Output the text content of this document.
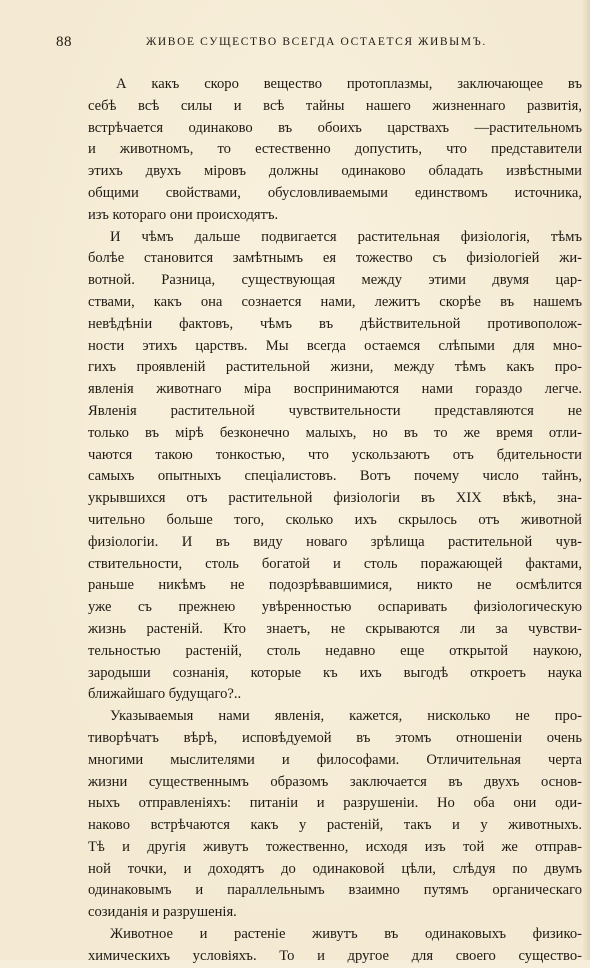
88	ЖИВОЕ СУЩЕСТВО ВСЕГДА ОСТАЕТСЯ ЖИВЫМЪ.
А какъ скоро вещество протоплазмы, заключающее въ
себѣ всѣ силы и всѣ тайны нашего жизненнаго развитія,
встрѣчается одинаково въ обоихъ царствахъ —растительномъ
и животномъ, то естественно допустить, что представители
этихъ двухъ міровъ должны одинаково обладать извѣстными
общими свойствами, обусловливаемыми единствомъ источника,
изъ котораго они происходятъ.
И чѣмъ дальше подвигается растительная физіологія, тѣмъ
болѣе становится замѣтнымъ ея тожество съ физіологіей жи-
вотной. Разница, существующая между этими двумя цар-
ствами, какъ она сознается нами, лежитъ скорѣе въ нашемъ
невѣдѣніи фактовъ, чѣмъ въ дѣйствительной противополож-
ности этихъ царствъ. Мы всегда остаемся слѣпыми для мно-
гихъ проявленій растительной жизни, между тѣмъ какъ про-
явленія животнаго міра воспринимаются нами гораздо легче.
Явленія растительной чувствительности представляются не
только въ мірѣ безконечно малыхъ, но въ то же время отли-
чаются такою тонкостью, что ускользаютъ отъ бдительности
самыхъ опытныхъ спеціалистовъ. Вотъ почему число тайнъ,
укрывшихся отъ растительной физіологіи въ XIX вѣкѣ, зна-
чительно больше того, сколько ихъ скрылось отъ животной
физіологіи. И въ виду новаго зрѣлища растительной чув-
ствительности, столь богатой и столь поражающей фактами,
раньше никѣмъ не подозрѣвавшимися, никто не осмѣлится
уже съ прежнею увѣренностью оспаривать физіологическую
жизнь растеній. Кто знаетъ, не скрываются ли за чувстви-
тельностью растеній, столь недавно еще открытой наукою,
зародыши сознанія, которые къ ихъ выгодѣ откроетъ наука
ближайшаго будущаго?..
Указываемыя нами явленія, кажется, нисколько не про-
тиворѣчатъ вѣрѣ, исповѣдуемой въ этомъ отношеніи очень
многими мыслителями и философами. Отличительная черта
жизни существеннымъ образомъ заключается въ двухъ основ-
ныхъ отправленіяхъ: питаніи и разрушеніи. Но оба они оди-
наково встрѣчаются какъ у растеній, такъ и у животныхъ.
Тѣ и другія живутъ тожественно, исходя изъ той же отправ-
ной точки, и доходятъ до одинаковой цѣли, слѣдуя по двумъ
одинаковымъ и параллельнымъ взаимно путямъ органическаго
созиданія и разрушенія.
Животное и растеніе живутъ въ одинаковыхъ физико-
химическихъ условіяхъ. То и другое для своего существо-
